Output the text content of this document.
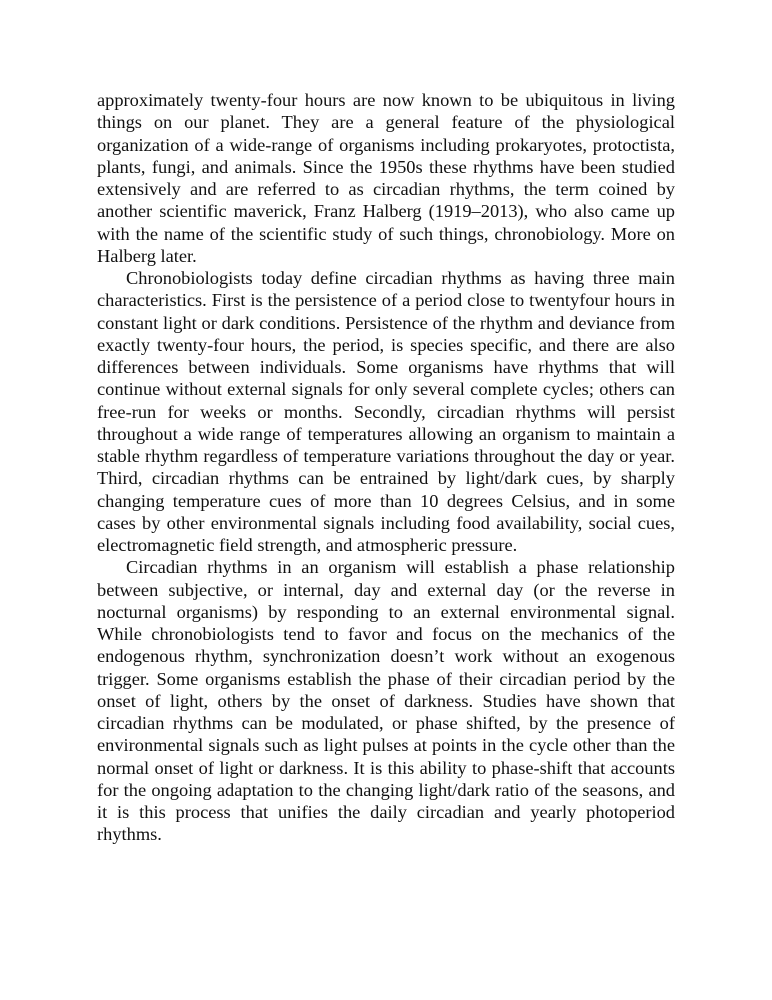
approximately twenty-four hours are now known to be ubiquitous in living things on our planet. They are a general feature of the physiological organization of a wide-range of organisms including prokaryotes, protoctista, plants, fungi, and animals. Since the 1950s these rhythms have been studied extensively and are referred to as circadian rhythms, the term coined by another scientific maverick, Franz Halberg (1919–2013), who also came up with the name of the scientific study of such things, chronobiology. More on Halberg later.

Chronobiologists today define circadian rhythms as having three main characteristics. First is the persistence of a period close to twentyfour hours in constant light or dark conditions. Persistence of the rhythm and deviance from exactly twenty-four hours, the period, is species specific, and there are also differences between individuals. Some organisms have rhythms that will continue without external signals for only several complete cycles; others can free-run for weeks or months. Secondly, circadian rhythms will persist throughout a wide range of temperatures allowing an organism to maintain a stable rhythm regardless of temperature variations throughout the day or year. Third, circadian rhythms can be entrained by light/dark cues, by sharply changing temperature cues of more than 10 degrees Celsius, and in some cases by other environmental signals including food availability, social cues, electromagnetic field strength, and atmospheric pressure.

Circadian rhythms in an organism will establish a phase relationship between subjective, or internal, day and external day (or the reverse in nocturnal organisms) by responding to an external environmental signal. While chronobiologists tend to favor and focus on the mechanics of the endogenous rhythm, synchronization doesn’t work without an exogenous trigger. Some organisms establish the phase of their circadian period by the onset of light, others by the onset of darkness. Studies have shown that circadian rhythms can be modulated, or phase shifted, by the presence of environmental signals such as light pulses at points in the cycle other than the normal onset of light or darkness. It is this ability to phase-shift that accounts for the ongoing adaptation to the changing light/dark ratio of the seasons, and it is this process that unifies the daily circadian and yearly photoperiod rhythms.
